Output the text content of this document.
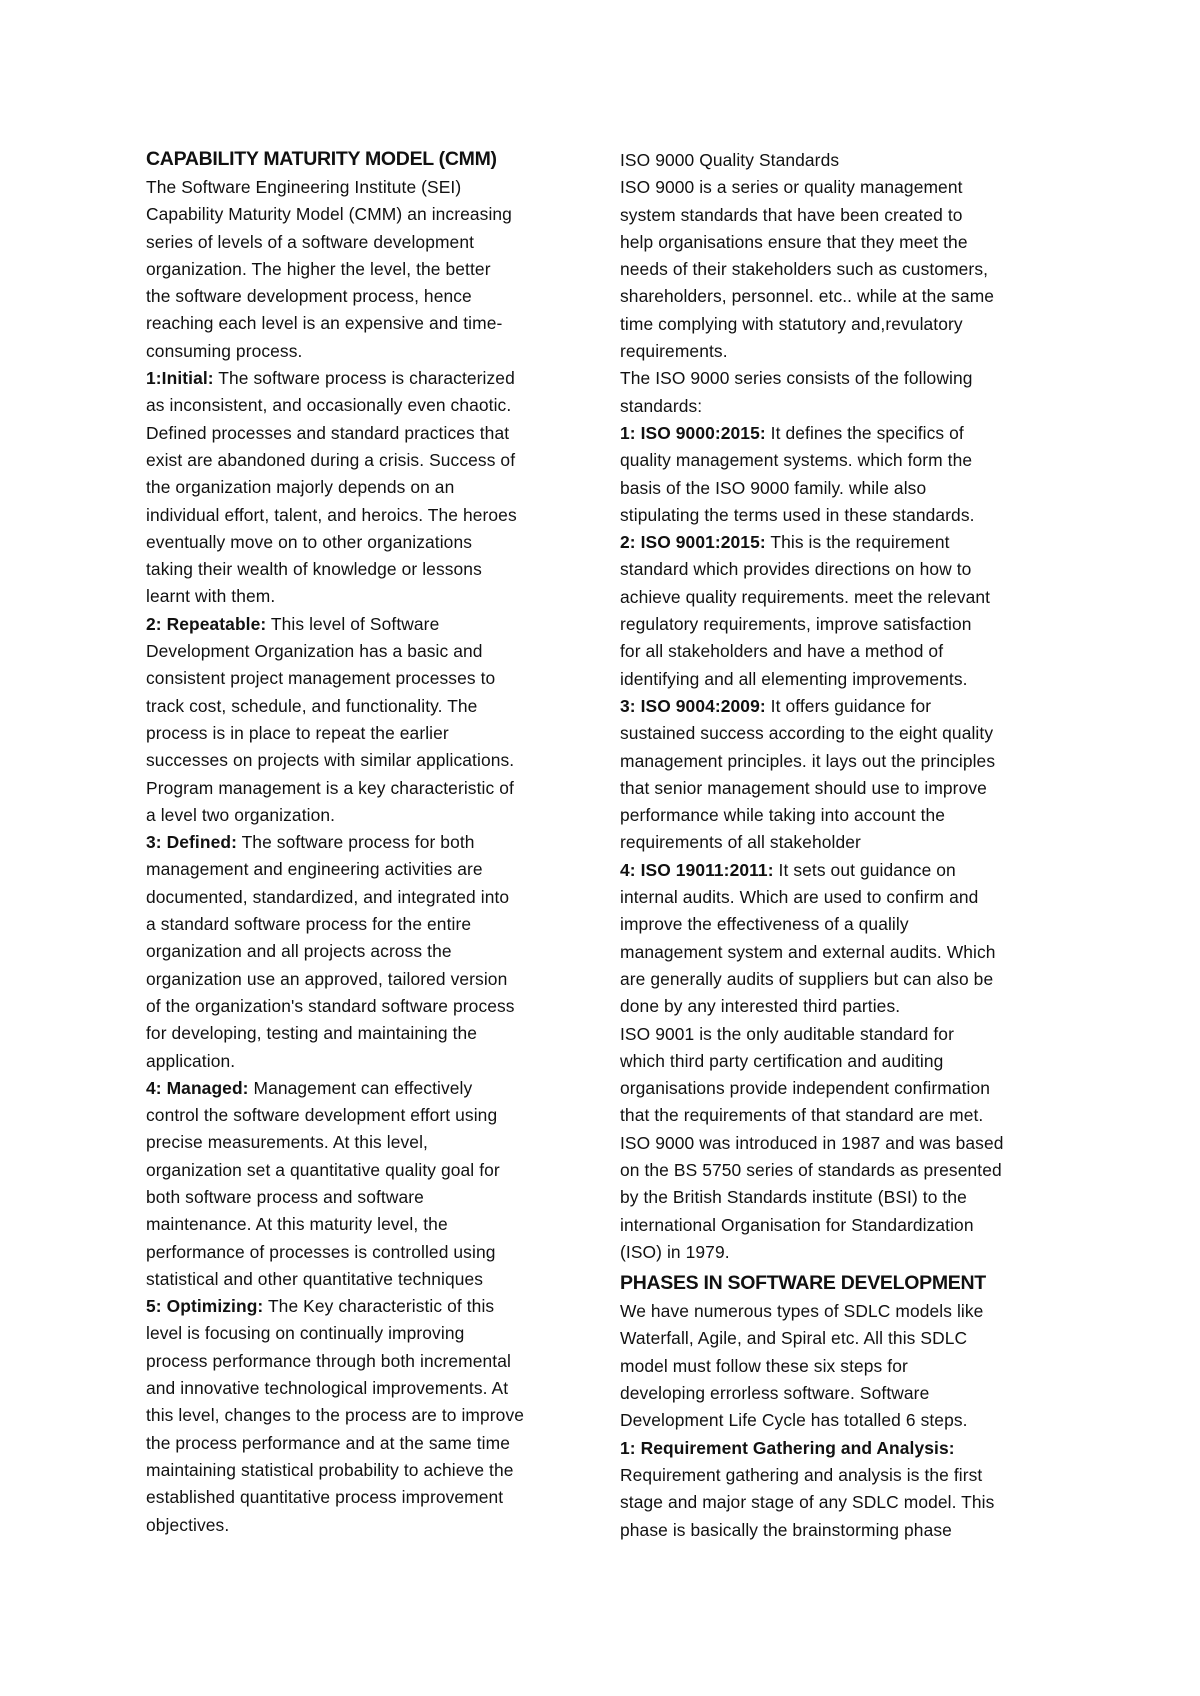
CAPABILITY MATURITY MODEL (CMM)
The Software Engineering Institute (SEI)
Capability Maturity Model (CMM) an increasing
series of levels of a software development
organization. The higher the level, the better
the software development process, hence
reaching each level is an expensive and time-
consuming process.
1:Initial: The software process is characterized
as inconsistent, and occasionally even chaotic.
Defined processes and standard practices that
exist are abandoned during a crisis. Success of
the organization majorly depends on an
individual effort, talent, and heroics. The heroes
eventually move on to other organizations
taking their wealth of knowledge or lessons
learnt with them.
2: Repeatable: This level of Software
Development Organization has a basic and
consistent project management processes to
track cost, schedule, and functionality. The
process is in place to repeat the earlier
successes on projects with similar applications.
Program management is a key characteristic of
a level two organization.
3: Defined: The software process for both
management and engineering activities are
documented, standardized, and integrated into
a standard software process for the entire
organization and all projects across the
organization use an approved, tailored version
of the organization's standard software process
for developing, testing and maintaining the
application.
4: Managed: Management can effectively
control the software development effort using
precise measurements. At this level,
organization set a quantitative quality goal for
both software process and software
maintenance. At this maturity level, the
performance of processes is controlled using
statistical and other quantitative techniques
5: Optimizing: The Key characteristic of this
level is focusing on continually improving
process performance through both incremental
and innovative technological improvements. At
this level, changes to the process are to improve
the process performance and at the same time
maintaining statistical probability to achieve the
established quantitative process improvement
objectives.
ISO 9000 Quality Standards
ISO 9000 is a series or quality management
system standards that have been created to
help organisations ensure that they meet the
needs of their stakeholders such as customers,
shareholders, personnel. etc.. while at the same
time complying with statutory and,revulatory
requirements.
The ISO 9000 series consists of the following
standards:
1: ISO 9000:2015: It defines the specifics of
quality management systems. which form the
basis of the ISO 9000 family. while also
stipulating the terms used in these standards.
2: ISO 9001:2015: This is the requirement
standard which provides directions on how to
achieve quality requirements. meet the relevant
regulatory requirements, improve satisfaction
for all stakeholders and have a method of
identifying and all elementing improvements.
3: ISO 9004:2009: It offers guidance for
sustained success according to the eight quality
management principles. it lays out the principles
that senior management should use to improve
performance while taking into account the
requirements of all stakeholder
4: ISO 19011:2011: It sets out guidance on
internal audits. Which are used to confirm and
improve the effectiveness of a qualily
management system and external audits. Which
are generally audits of suppliers but can also be
done by any interested third parties.
ISO 9001 is the only auditable standard for
which third party certification and auditing
organisations provide independent confirmation
that the requirements of that standard are met.
ISO 9000 was introduced in 1987 and was based
on the BS 5750 series of standards as presented
by the British Standards institute (BSI) to the
international Organisation for Standardization
(ISO) in 1979.
PHASES IN SOFTWARE DEVELOPMENT
We have numerous types of SDLC models like
Waterfall, Agile, and Spiral etc. All this SDLC
model must follow these six steps for
developing errorless software. Software
Development Life Cycle has totalled 6 steps.
1: Requirement Gathering and Analysis:
Requirement gathering and analysis is the first
stage and major stage of any SDLC model. This
phase is basically the brainstorming phase
